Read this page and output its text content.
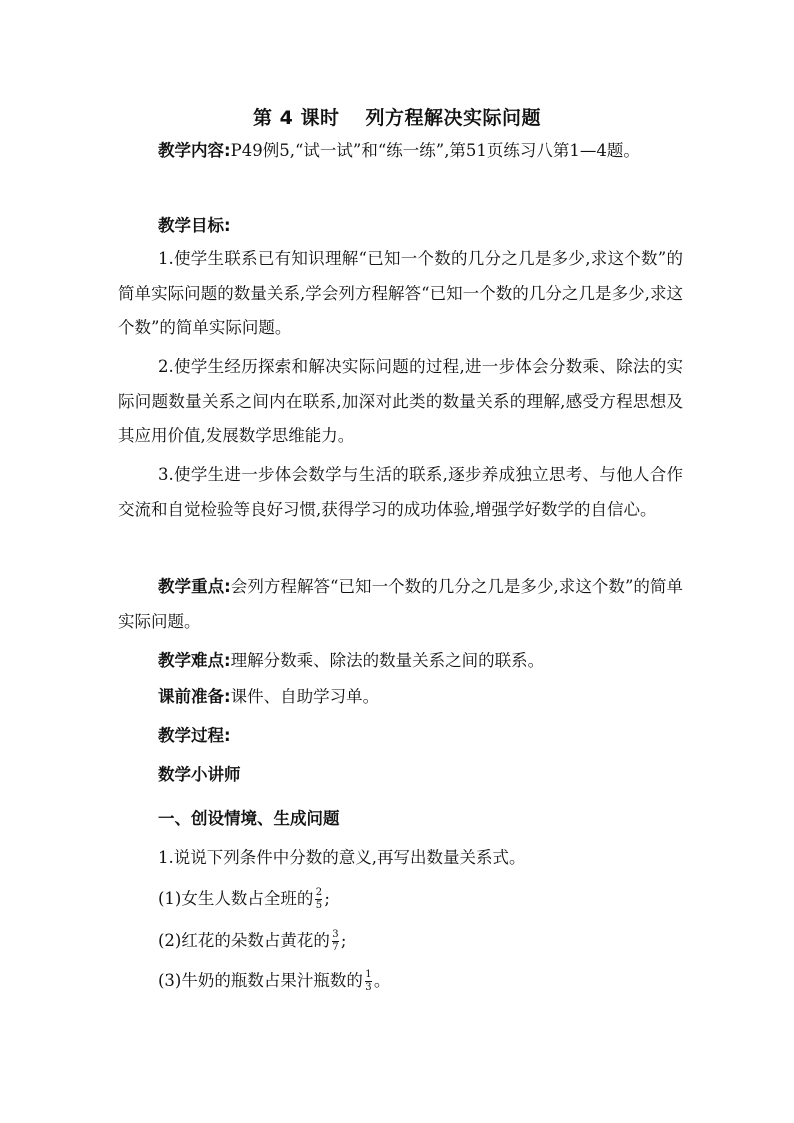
第 4 课时 列方程解决实际问题
教学内容:P49例5,“试一试”和“练一练”,第51页练习八第1—4题。
教学目标:
1.使学生联系已有知识理解“已知一个数的几分之几是多少,求这个数”的简单实际问题的数量关系,学会列方程解答“已知一个数的几分之几是多少,求这个数”的简单实际问题。
2.使学生经历探索和解决实际问题的过程,进一步体会分数乘、除法的实际问题数量关系之间内在联系,加深对此类的数量关系的理解,感受方程思想及其应用价值,发展数学思维能力。
3.使学生进一步体会数学与生活的联系,逐步养成独立思考、与他人合作交流和自觉检验等良好习惯,获得学习的成功体验,增强学好数学的自信心。
教学重点:会列方程解答“已知一个数的几分之几是多少,求这个数”的简单实际问题。
教学难点:理解分数乘、除法的数量关系之间的联系。
课前准备:课件、自助学习单。
教学过程:
数学小讲师
一、创设情境、生成问题
1.说说下列条件中分数的意义,再写出数量关系式。
(1)女生人数占全班的 $\frac{2}{5}$ ;
(2)红花的朵数占黄花的 $\frac{3}{7}$ ;
(3)牛奶的瓶数占果汁瓶数的 $\frac{1}{3}$ 。
